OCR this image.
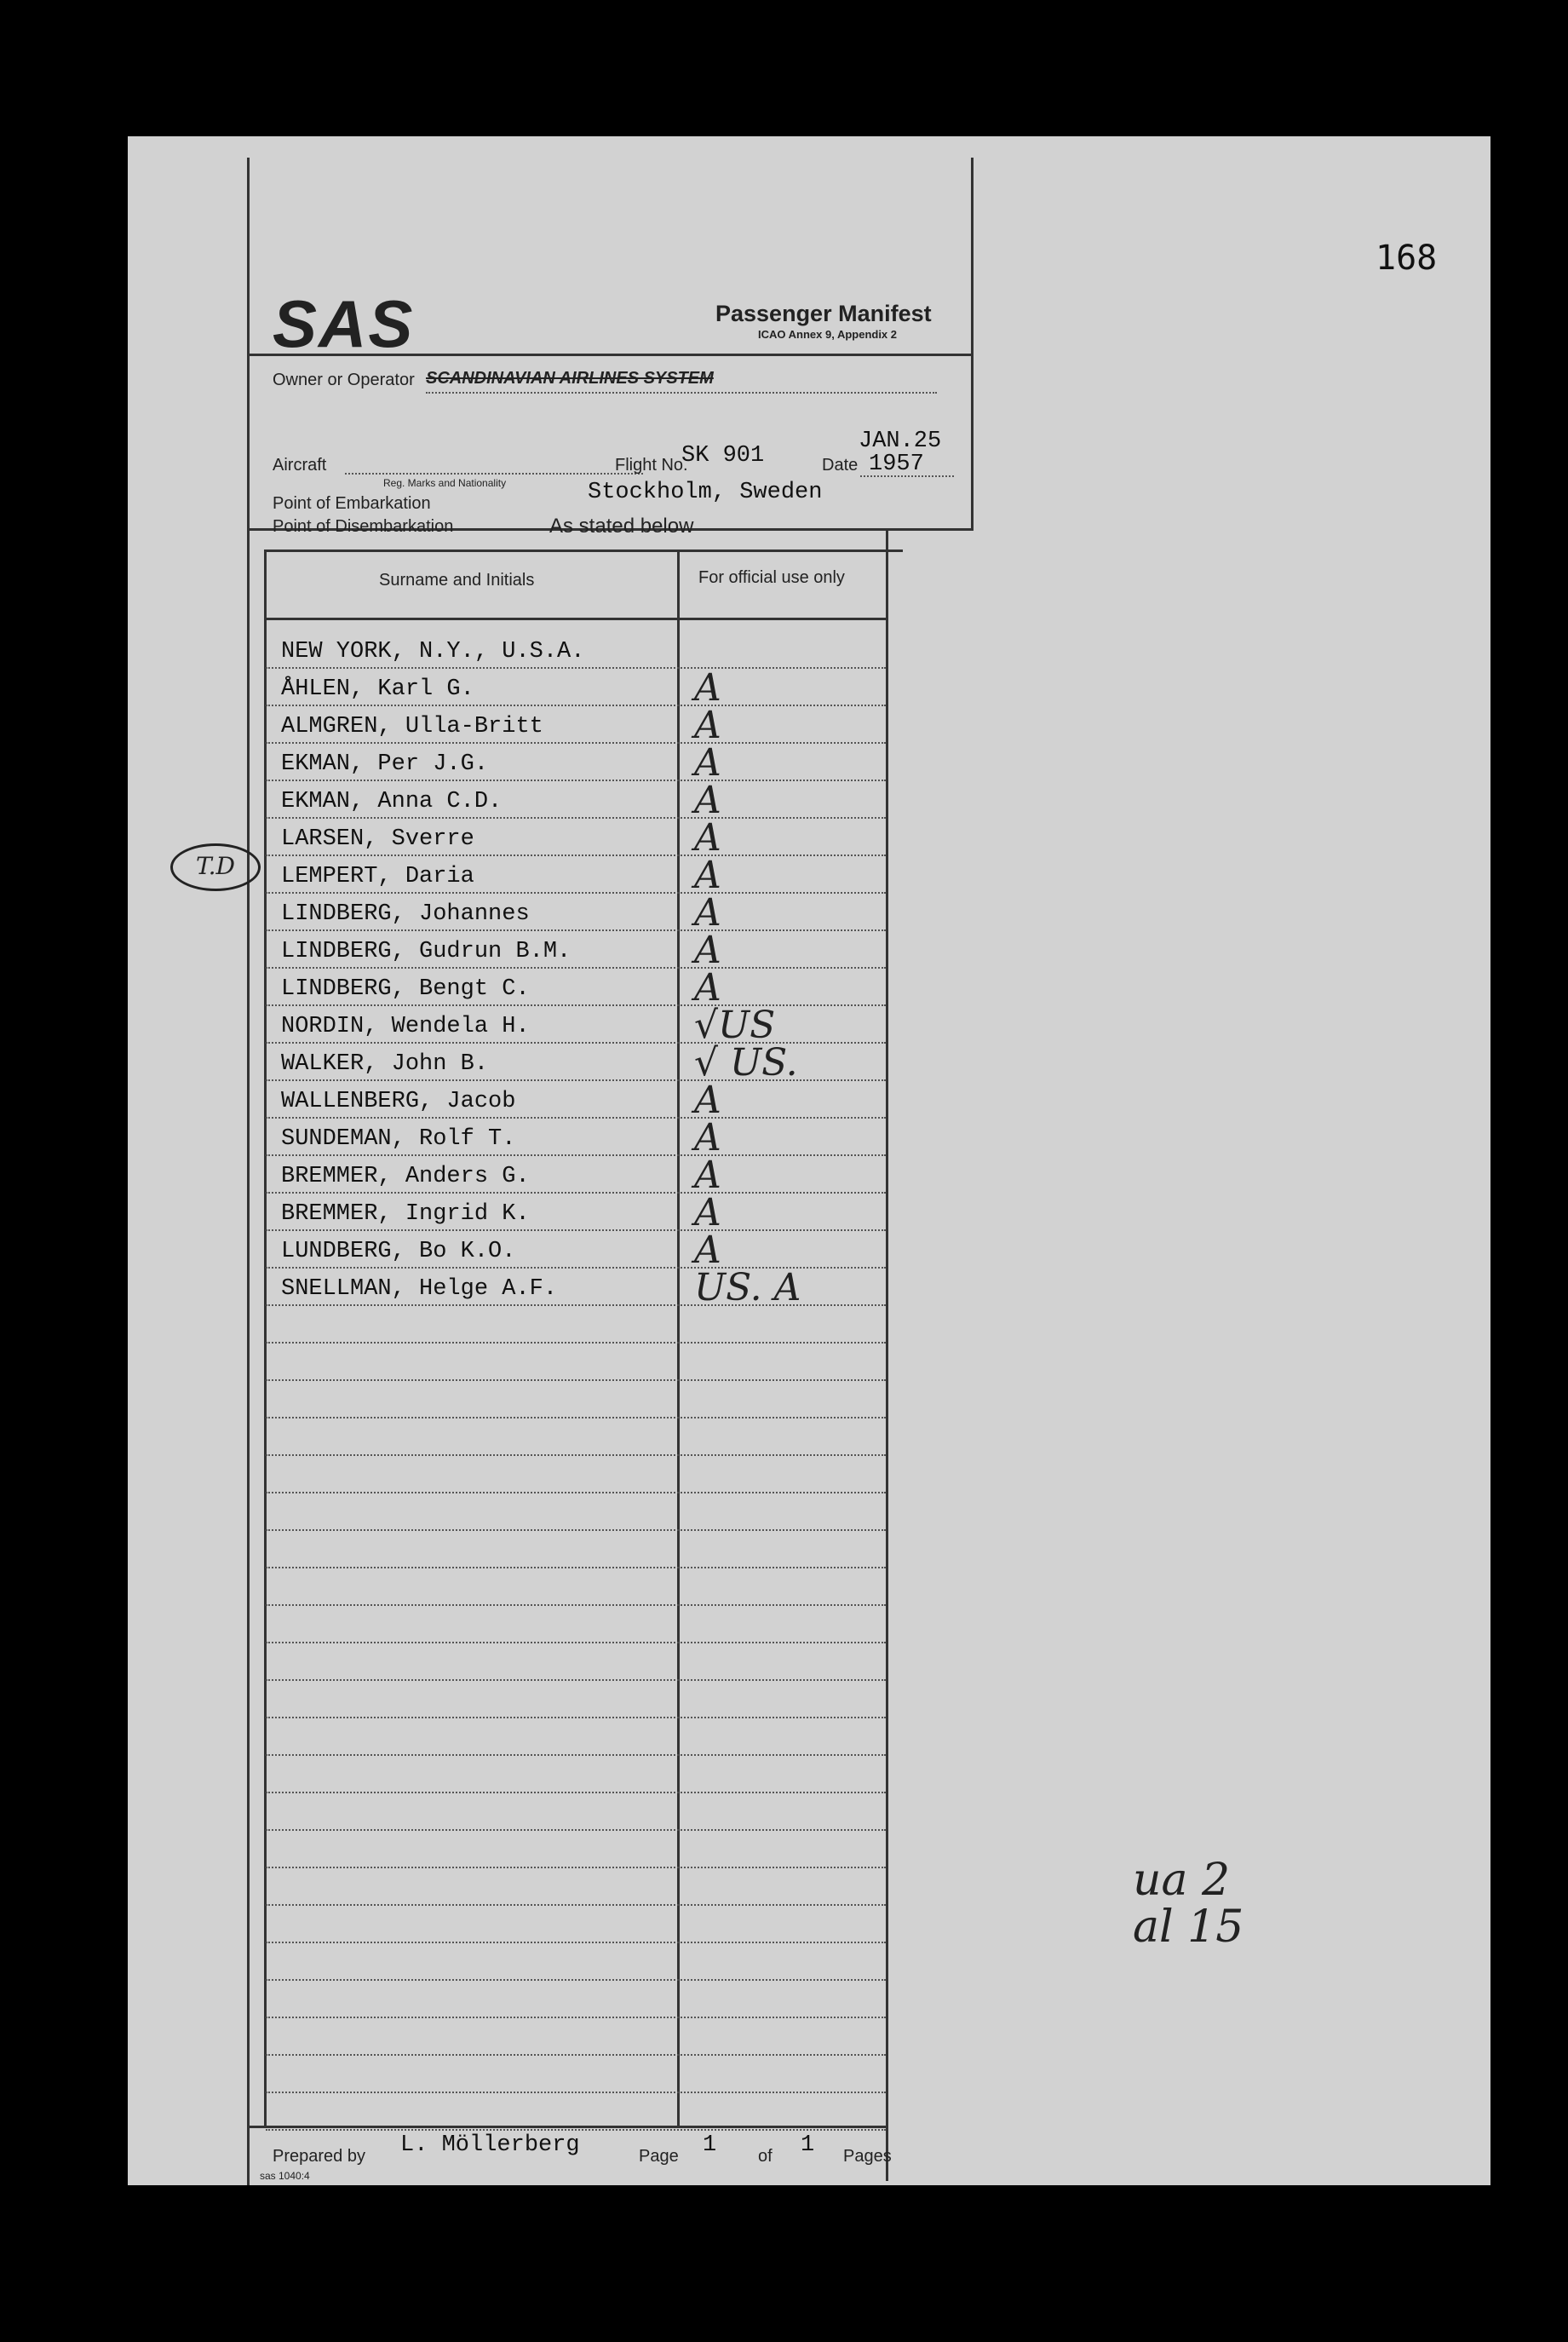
168
SAS	Passenger Manifest
ICAO Annex 9, Appendix 2
Owner or Operator SCANDINAVIAN AIRLINES SYSTEM
Aircraft
Reg. Marks and Nationality
Flight No.
SK 901	Date
JAN.25
1957
Point of Embarkation	Stockholm, Sweden
Point of Disembarkation	As stated below
Surname and Initials	For official use only
NEW YORK, N.Y., U.S.A.
ÅHLEN, Karl G.	A
ALMGREN, Ulla-Britt	A
EKMAN, Per J.G.	A
EKMAN, Anna C.D.	A
LARSEN, Sverre	A
LEMPERT, Daria	A
LINDBERG, Johannes	A
LINDBERG, Gudrun B.M.	A
LINDBERG, Bengt C.	A
NORDIN, Wendela H.	√US
WALKER, John B.	√ US.
WALLENBERG, Jacob	A
SUNDEMAN, Rolf T.	A
BREMMER, Anders G.	A
BREMMER, Ingrid K.	A
LUNDBERG, Bo K.O.	A
SNELLMAN, Helge A.F.	US. A
T.D
Prepared by L. Möllerberg	Page 1 of 1 Pages
sas 1040:4
ua 2
al 15
